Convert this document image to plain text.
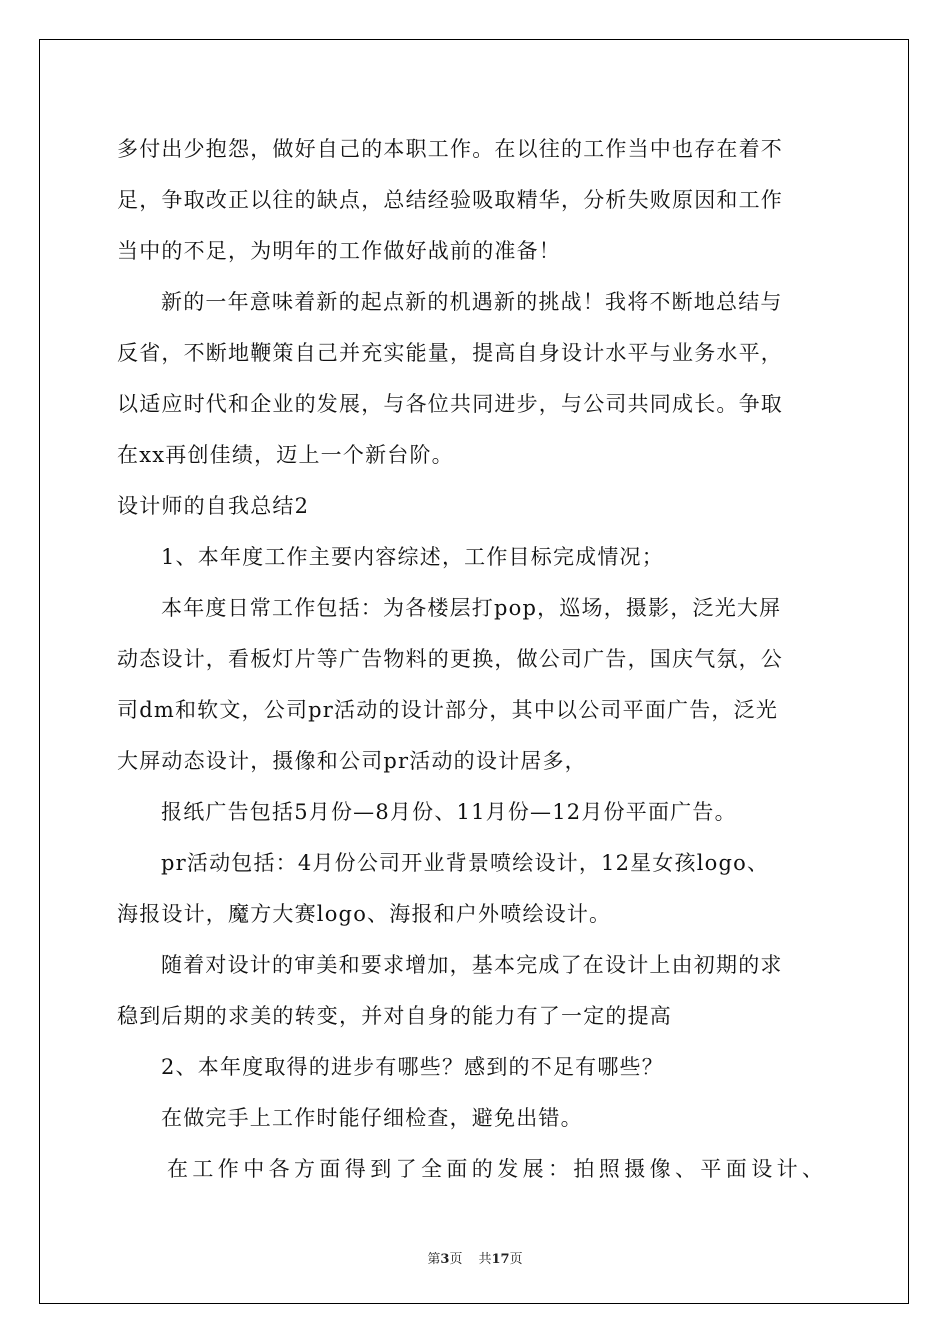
多付出少抱怨，做好自己的本职工作。在以往的工作当中也存在着不

足，争取改正以往的缺点，总结经验吸取精华，分析失败原因和工作

当中的不足，为明年的工作做好战前的准备！

新的一年意味着新的起点新的机遇新的挑战！我将不断地总结与

反省，不断地鞭策自己并充实能量，提高自身设计水平与业务水平，

以适应时代和企业的发展，与各位共同进步，与公司共同成长。争取

在xx再创佳绩，迈上一个新台阶。

设计师的自我总结2

1、本年度工作主要内容综述，工作目标完成情况；

本年度日常工作包括：为各楼层打pop，巡场，摄影，泛光大屏

动态设计，看板灯片等广告物料的更换，做公司广告，国庆气氛，公

司dm和软文，公司pr活动的设计部分，其中以公司平面广告，泛光

大屏动态设计，摄像和公司pr活动的设计居多，

报纸广告包括5月份—8月份、11月份—12月份平面广告。

pr活动包括：4月份公司开业背景喷绘设计，12星女孩logo、

海报设计，魔方大赛logo、海报和户外喷绘设计。

随着对设计的审美和要求增加，基本完成了在设计上由初期的求

稳到后期的求美的转变，并对自身的能力有了一定的提高

2、本年度取得的进步有哪些？感到的不足有哪些？

在做完手上工作时能仔细检查，避免出错。

在工作中各方面得到了全面的发展：拍照摄像、平面设计、

第3页 共17页
